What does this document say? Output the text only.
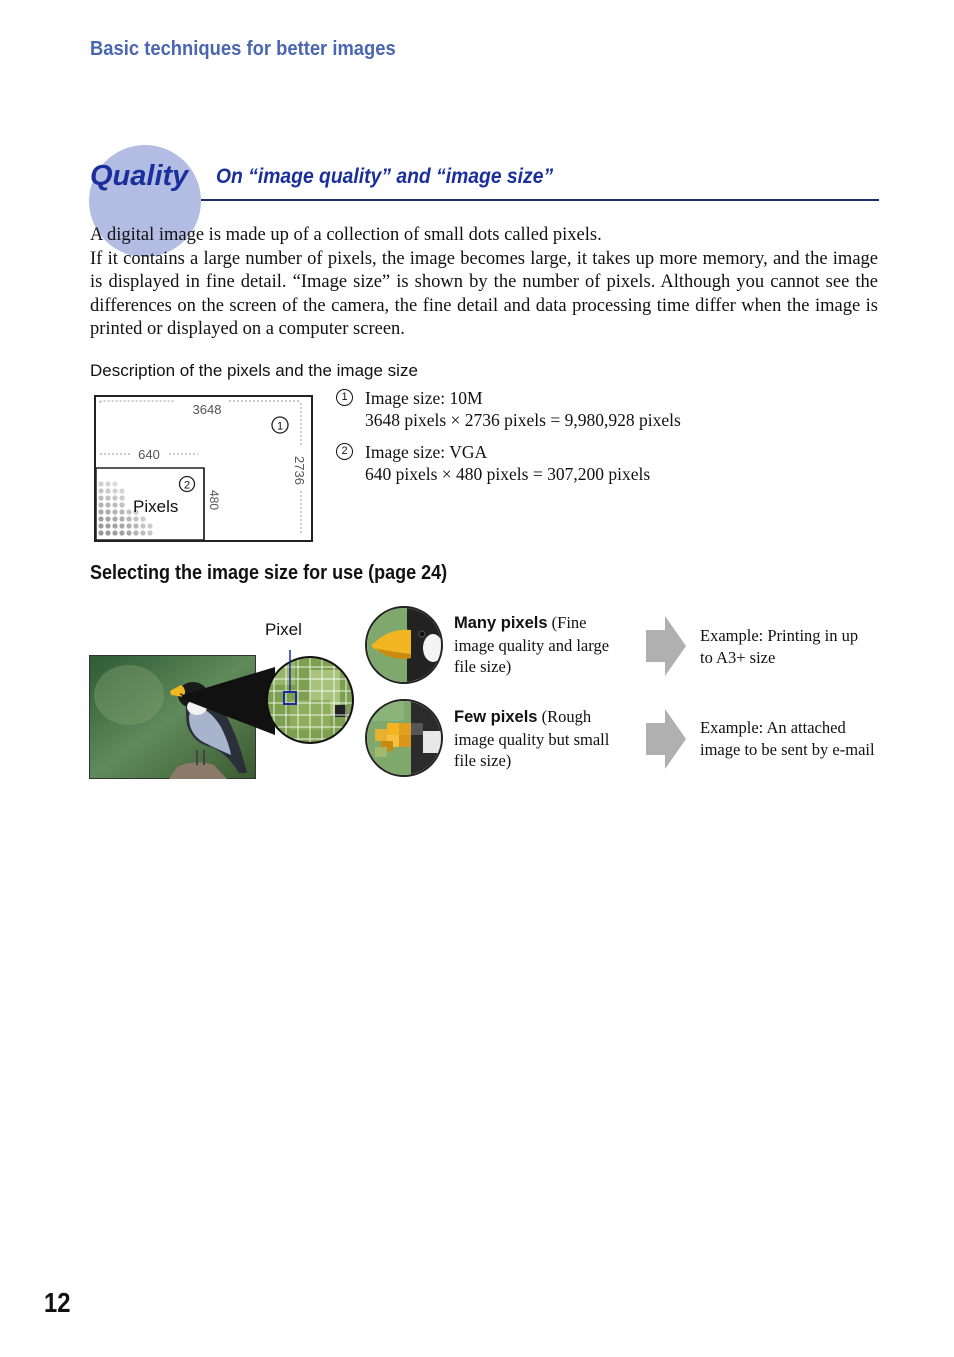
Basic techniques for better images
Quality On “image quality” and “image size”

A digital image is made up of a collection of small dots called pixels.

If it contains a large number of pixels, the image becomes large, it takes up more memory, and the image is displayed in fine detail. “Image size” is shown by the number of pixels. Although you cannot see the differences on the screen of the camera, the fine detail and data processing time differ when the image is printed or displayed on a computer screen.

Description of the pixels and the image size
3648
2736
640
480
Pixels
1
2
1 Image size: 10M
3648 pixels × 2736 pixels = 9,980,928 pixels
2 Image size: VGA
640 pixels × 480 pixels = 307,200 pixels
Selecting the image size for use (page 24)
Pixel	Many pixels (Fine image quality and large file size)
Few pixels (Rough image quality but small file size)
Example: Printing in up to A3+ size
Example: An attached image to be sent by e-mail
12
